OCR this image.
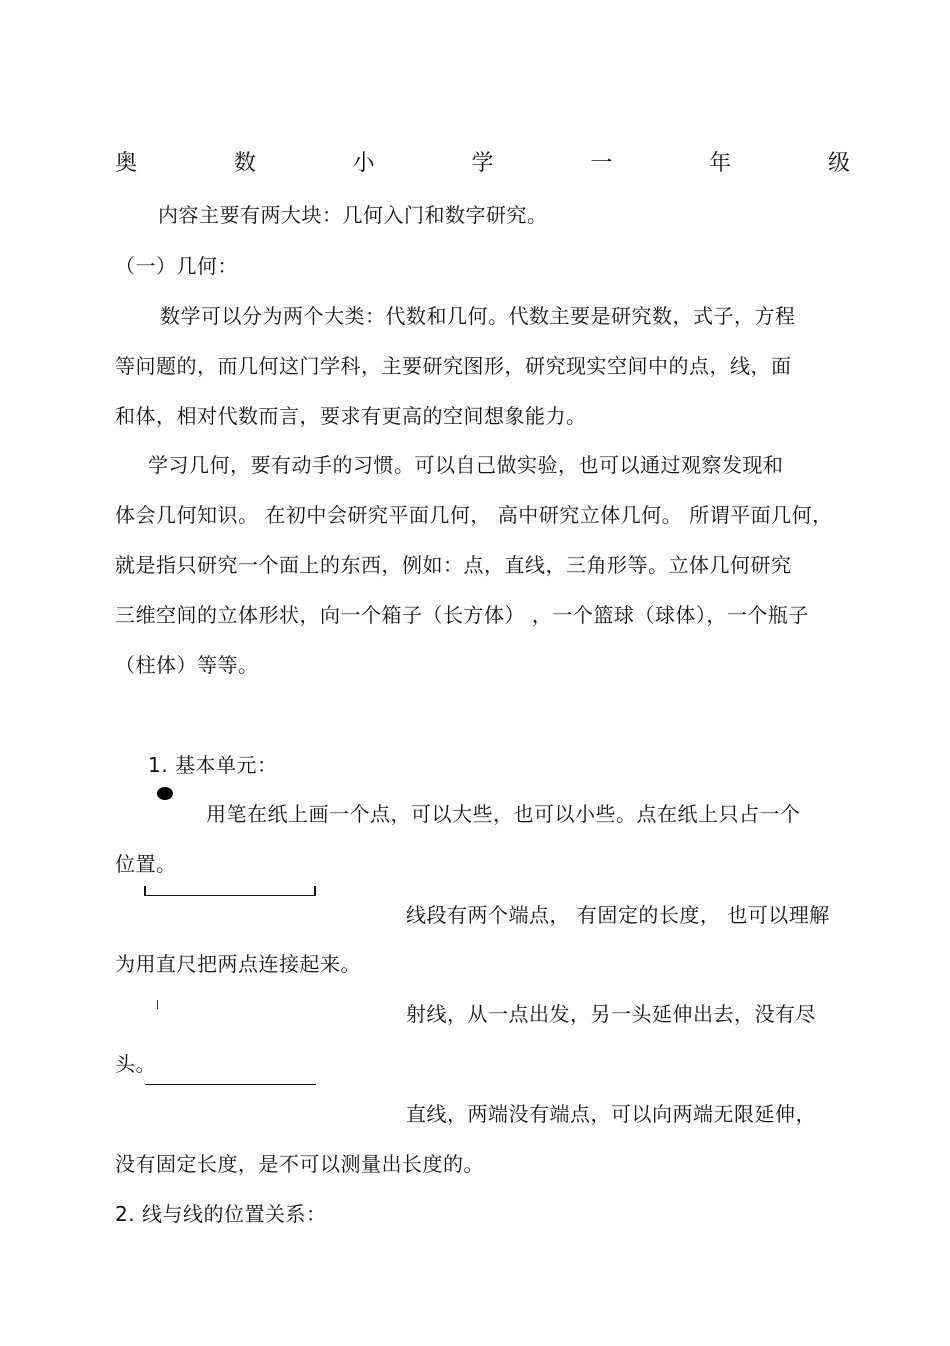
奥	数	小	学	一	年	级
内容主要有两大块：几何入门和数字研究。
（一）几何：
数学可以分为两个大类：代数和几何。代数主要是研究数，式子，方程
等问题的，而几何这门学科，主要研究图形，研究现实空间中的点，线，面
和体，相对代数而言，要求有更高的空间想象能力。
学习几何，要有动手的习惯。可以自己做实验，也可以通过观察发现和
体会几何知识。 在初中会研究平面几何， 高中研究立体几何。 所谓平面几何，
就是指只研究一个面上的东西，例如：点，直线，三角形等。立体几何研究
三维空间的立体形状，向一个箱子（长方体） ，一个篮球（球体），一个瓶子
（柱体）等等。
1. 基本单元：
用笔在纸上画一个点，可以大些，也可以小些。点在纸上只占一个
位置。
线段有两个端点， 有固定的长度， 也可以理解
为用直尺把两点连接起来。
射线，从一点出发，另一头延伸出去，没有尽
头。
直线，两端没有端点，可以向两端无限延伸，
没有固定长度，是不可以测量出长度的。
2. 线与线的位置关系：
